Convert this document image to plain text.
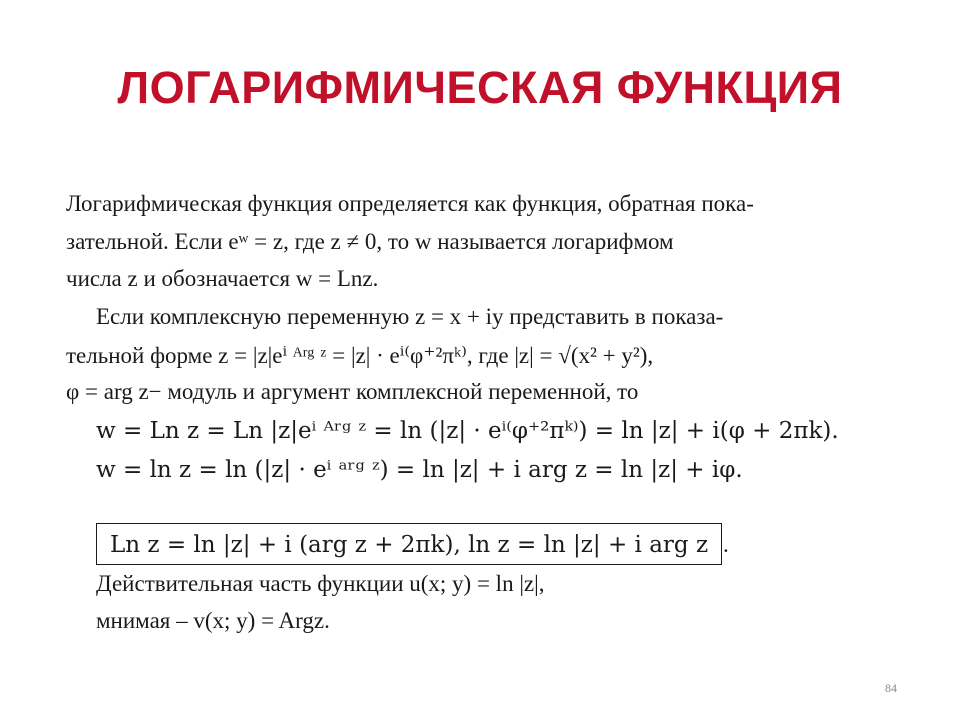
ЛОГАРИФМИЧЕСКАЯ ФУНКЦИЯ
Логарифмическая функция определяется как функция, обратная пока-
зательной. Если eʷ = z, где z ≠ 0, то w называется логарифмом
числа z и обозначается w = Lnz.
Если комплексную переменную z = x + iy представить в показа-
тельной форме z = |z|eⁱ ᴬʳᵍ ᶻ = |z| · eⁱ⁽φ⁺²πᵏ⁾, где |z| = √(x² + y²),
φ = arg z− модуль и аргумент комплексной переменной, то
w = Ln z = Ln |z|eⁱ ᴬʳᵍ ᶻ = ln (|z| · eⁱ⁽φ⁺²πᵏ⁾) = ln |z| + i(φ + 2πk).
w = ln z = ln (|z| · eⁱ ᵃʳᵍ ᶻ) = ln |z| + i arg z = ln |z| + iφ.
Ln z = ln |z| + i (arg z + 2πk), ln z = ln |z| + i arg z .
Действительная часть функции u(x; y) = ln |z|,
мнимая – v(x; y) = Argz.
84
